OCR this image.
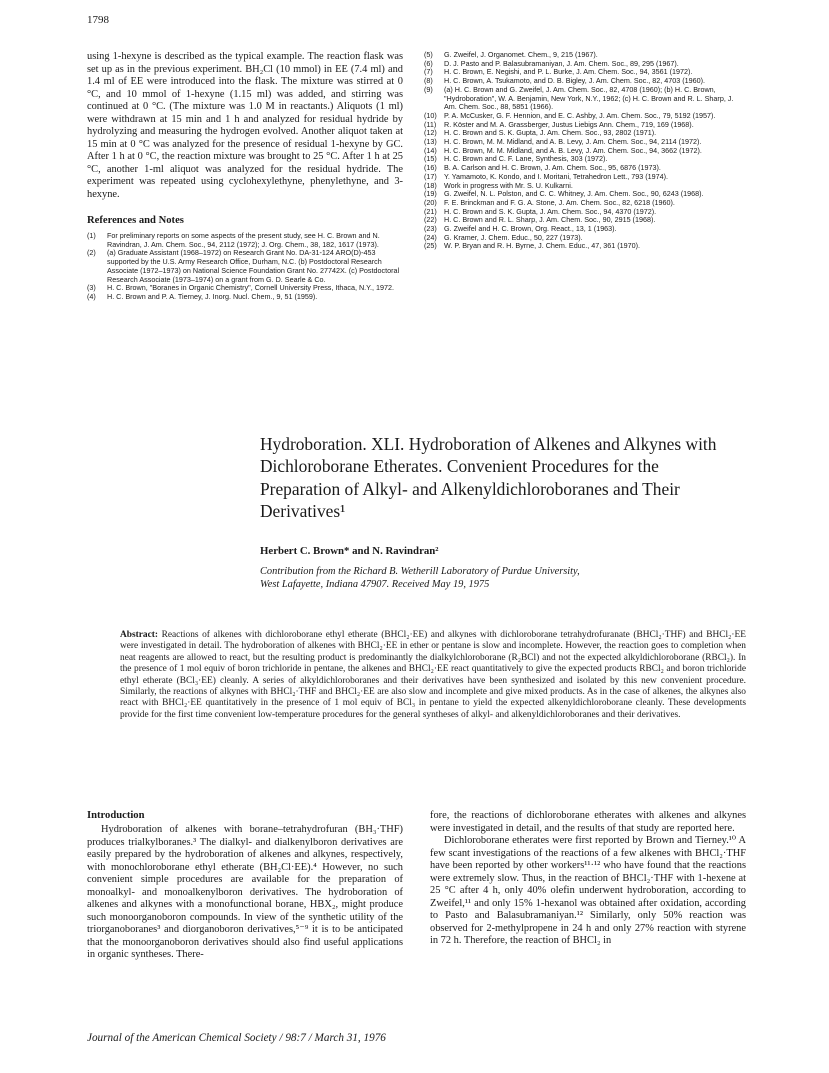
1798

using 1-hexyne is described as the typical example. The reaction flask was set up as in the previous experiment. BH₂Cl (10 mmol) in EE (7.4 ml) and 1.4 ml of EE were introduced into the flask. The mixture was stirred at 0 °C, and 10 mmol of 1-hexyne (1.15 ml) was added, and stirring was continued at 0 °C. (The mixture was 1.0 M in reactants.) Aliquots (1 ml) were withdrawn at 15 min and 1 h and analyzed for residual hydride by hydrolyzing and measuring the hydrogen evolved. Another aliquot taken at 15 min at 0 °C was analyzed for the presence of residual 1-hexyne by GC. After 1 h at 0 °C, the reaction mixture was brought to 25 °C. After 1 h at 25 °C, another 1-ml aliquot was analyzed for the residual hydride. The experiment was repeated using cyclohexylethyne, phenylethyne, and 3-hexyne.

References and Notes

(1)	For preliminary reports on some aspects of the present study, see H. C. Brown and N. Ravindran, J. Am. Chem. Soc., 94, 2112 (1972); J. Org. Chem., 38, 182, 1617 (1973).
(2)	(a) Graduate Assistant (1968–1972) on Research Grant No. DA-31-124 ARO(D)-453 supported by the U.S. Army Research Office, Durham, N.C. (b) Postdoctoral Research Associate (1972–1973) on National Science Foundation Grant No. 27742X. (c) Postdoctoral Research Associate (1973–1974) on a grant from G. D. Searle & Co.
(3)	H. C. Brown, "Boranes in Organic Chemistry", Cornell University Press, Ithaca, N.Y., 1972.
(4)	H. C. Brown and P. A. Tierney, J. Inorg. Nucl. Chem., 9, 51 (1959).
(5)	G. Zweifel, J. Organomet. Chem., 9, 215 (1967).
(6)	D. J. Pasto and P. Balasubramaniyan, J. Am. Chem. Soc., 89, 295 (1967).
(7)	H. C. Brown, E. Negishi, and P. L. Burke, J. Am. Chem. Soc., 94, 3561 (1972).
(8)	H. C. Brown, A. Tsukamoto, and D. B. Bigley, J. Am. Chem. Soc., 82, 4703 (1960).
(9)	(a) H. C. Brown and G. Zweifel, J. Am. Chem. Soc., 82, 4708 (1960); (b) H. C. Brown, "Hydroboration", W. A. Benjamin, New York, N.Y., 1962; (c) H. C. Brown and R. L. Sharp, J. Am. Chem. Soc., 88, 5851 (1966).
(10)	P. A. McCusker, G. F. Hennion, and E. C. Ashby, J. Am. Chem. Soc., 79, 5192 (1957).
(11)	R. Köster and M. A. Grassberger, Justus Liebigs Ann. Chem., 719, 169 (1968).
(12)	H. C. Brown and S. K. Gupta, J. Am. Chem. Soc., 93, 2802 (1971).
(13)	H. C. Brown, M. M. Midland, and A. B. Levy, J. Am. Chem. Soc., 94, 2114 (1972).
(14)	H. C. Brown, M. M. Midland, and A. B. Levy, J. Am. Chem. Soc., 94, 3662 (1972).
(15)	H. C. Brown and C. F. Lane, Synthesis, 303 (1972).
(16)	B. A. Carlson and H. C. Brown, J. Am. Chem. Soc., 95, 6876 (1973).
(17)	Y. Yamamoto, K. Kondo, and I. Moritani, Tetrahedron Lett., 793 (1974).
(18)	Work in progress with Mr. S. U. Kulkarni.
(19)	G. Zweifel, N. L. Polston, and C. C. Whitney, J. Am. Chem. Soc., 90, 6243 (1968).
(20)	F. E. Brinckman and F. G. A. Stone, J. Am. Chem. Soc., 82, 6218 (1960).
(21)	H. C. Brown and S. K. Gupta, J. Am. Chem. Soc., 94, 4370 (1972).
(22)	H. C. Brown and R. L. Sharp, J. Am. Chem. Soc., 90, 2915 (1968).
(23)	G. Zweifel and H. C. Brown, Org. React., 13, 1 (1963).
(24)	G. Kramer, J. Chem. Educ., 50, 227 (1973).
(25)	W. P. Bryan and R. H. Byrne, J. Chem. Educ., 47, 361 (1970).
Hydroboration. XLI. Hydroboration of Alkenes and Alkynes with Dichloroborane Etherates. Convenient Procedures for the Preparation of Alkyl- and Alkenyldichloroboranes and Their Derivatives¹
Herbert C. Brown* and N. Ravindran²
Contribution from the Richard B. Wetherill Laboratory of Purdue University,
West Lafayette, Indiana 47907. Received May 19, 1975

Abstract: Reactions of alkenes with dichloroborane ethyl etherate (BHCl₂·EE) and alkynes with dichloroborane tetrahydrofuranate (BHCl₂·THF) and BHCl₂·EE were investigated in detail. The hydroboration of alkenes with BHCl₂·EE in ether or pentane is slow and incomplete. However, the reaction goes to completion when neat reagents are allowed to react, but the resulting product is predominantly the dialkylchloroborane (R₂BCl) and not the expected alkyldichloroborane (RBCl₂). In the presence of 1 mol equiv of boron trichloride in pentane, the alkenes and BHCl₂·EE react quantitatively to give the expected products RBCl₂ and boron trichloride ethyl etherate (BCl₃·EE) cleanly. A series of alkyldichloroboranes and their derivatives have been synthesized and isolated by this new convenient procedure. Similarly, the reactions of alkynes with BHCl₂·THF and BHCl₂·EE are also slow and incomplete and give mixed products. As in the case of alkenes, the alkynes also react with BHCl₂·EE quantitatively in the presence of 1 mol equiv of BCl₃ in pentane to yield the expected alkenyldichloroborane cleanly. These developments provide for the first time convenient low-temperature procedures for the general syntheses of alkyl- and alkenyldichloroboranes and their derivatives.

Introduction

Hydroboration of alkenes with borane–tetrahydrofuran (BH₃·THF) produces trialkylboranes.³ The dialkyl- and dialkenylboron derivatives are easily prepared by the hydroboration of alkenes and alkynes, respectively, with monochloroborane ethyl etherate (BH₂Cl·EE).⁴ However, no such convenient simple procedures are available for the preparation of monoalkyl- and monoalkenylboron derivatives. The hydroboration of alkenes and alkynes with a monofunctional borane, HBX₂, might produce such monoorganoboron compounds. In view of the synthetic utility of the triorganoboranes³ and diorganoboron derivatives,⁵⁻⁹ it is to be anticipated that the monoorganoboron derivatives should also find useful applications in organic syntheses. There-

fore, the reactions of dichloroborane etherates with alkenes and alkynes were investigated in detail, and the results of that study are reported here.

Dichloroborane etherates were first reported by Brown and Tierney.¹⁰ A few scant investigations of the reactions of a few alkenes with BHCl₂·THF have been reported by other workers¹¹·¹² who have found that the reactions were extremely slow. Thus, in the reaction of BHCl₂·THF with 1-hexene at 25 °C after 4 h, only 40% olefin underwent hydroboration, according to Zweifel,¹¹ and only 15% 1-hexanol was obtained after oxidation, according to Pasto and Balasubramaniyan.¹² Similarly, only 50% reaction was observed for 2-methylpropene in 24 h and only 27% reaction with styrene in 72 h. Therefore, the reaction of BHCl₂ in

Journal of the American Chemical Society / 98:7 / March 31, 1976
